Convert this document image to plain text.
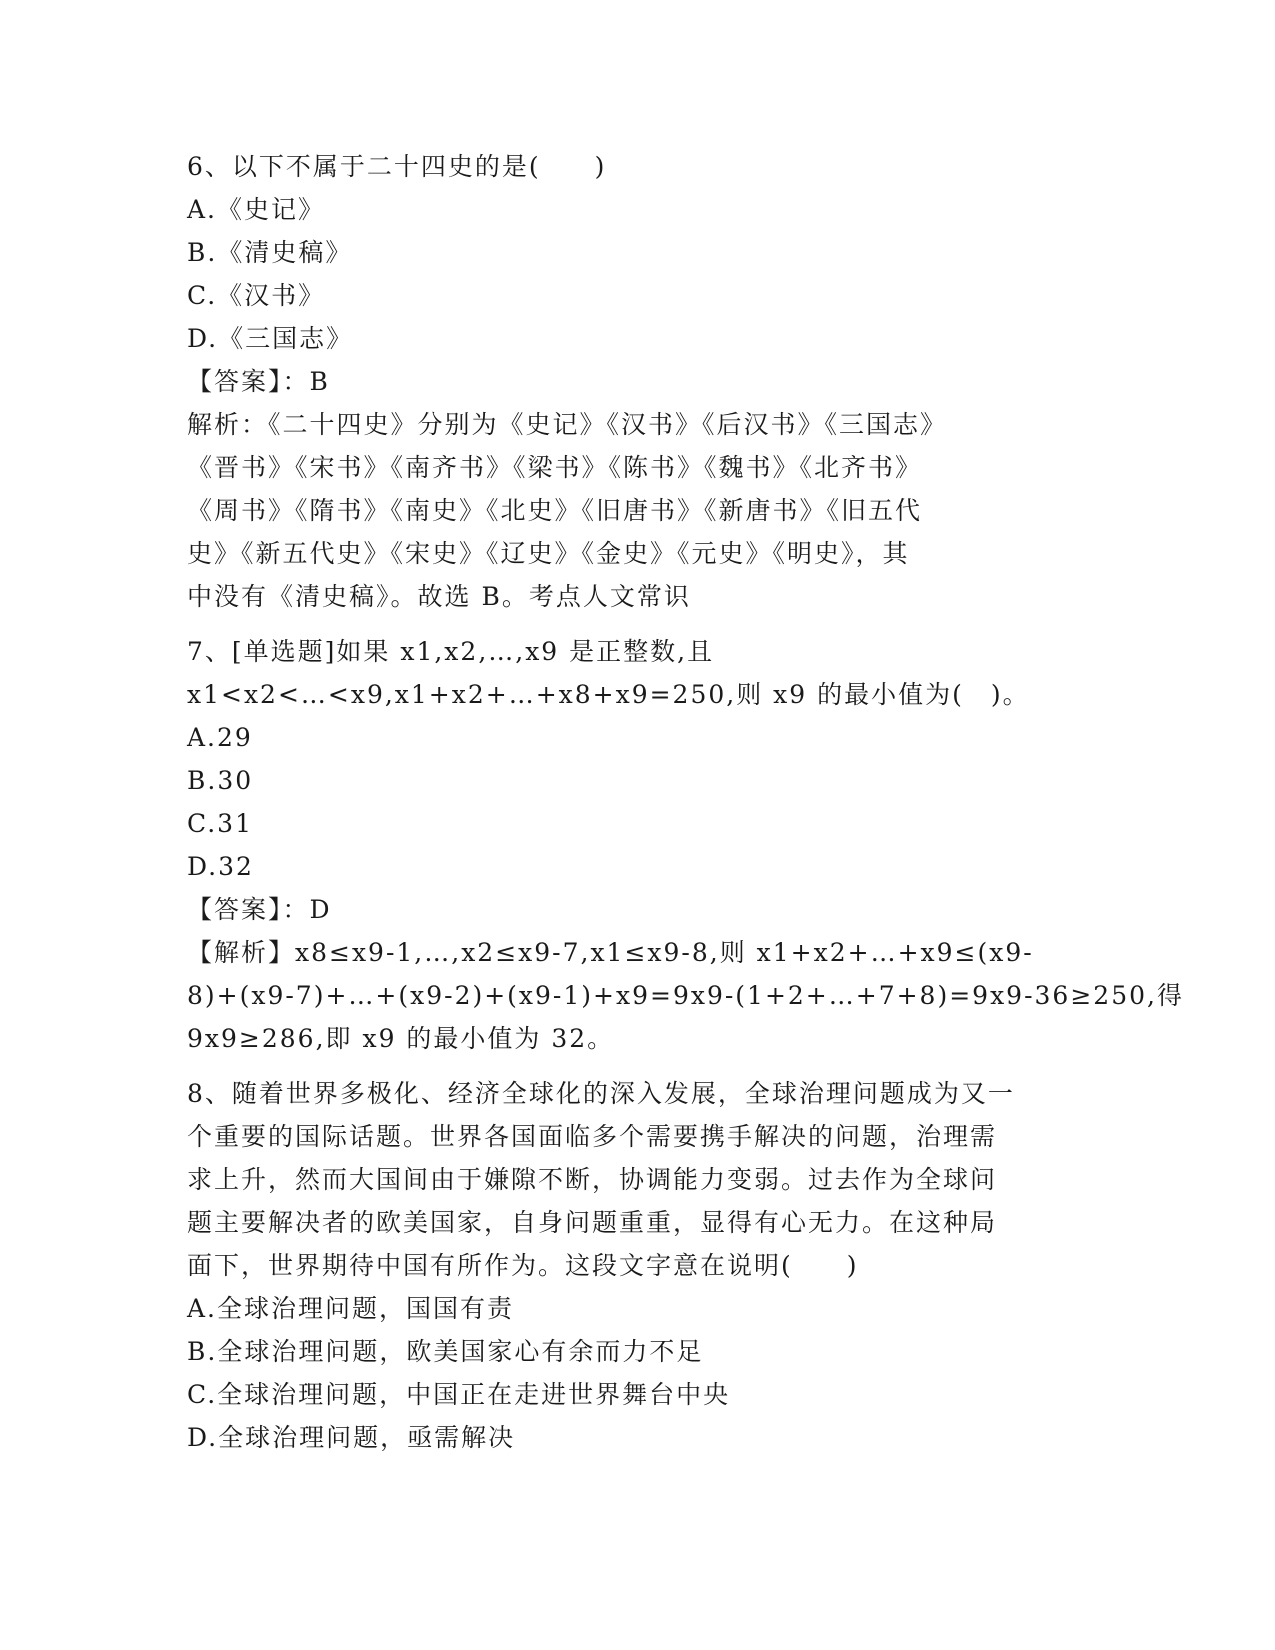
6、以下不属于二十四史的是(　　)
A.《史记》
B.《清史稿》
C.《汉书》
D.《三国志》
【答案】：B
解析：《二十四史》分别为《史记》《汉书》《后汉书》《三国志》
《晋书》《宋书》《南齐书》《梁书》《陈书》《魏书》《北齐书》
《周书》《隋书》《南史》《北史》《旧唐书》《新唐书》《旧五代
史》《新五代史》《宋史》《辽史》《金史》《元史》《明史》，其
中没有《清史稿》。故选 B。考点人文常识
7、[单选题]如果 x1,x2,…,x9 是正整数,且
x1<x2<…<x9,x1+x2+…+x8+x9=250,则 x9 的最小值为(　)。
A.29
B.30
C.31
D.32
【答案】：D
【解析】x8≤x9-1,…,x2≤x9-7,x1≤x9-8,则 x1+x2+…+x9≤(x9-
8)+(x9-7)+…+(x9-2)+(x9-1)+x9=9x9-(1+2+…+7+8)=9x9-36≥250,得
9x9≥286,即 x9 的最小值为 32。
8、随着世界多极化、经济全球化的深入发展，全球治理问题成为又一
个重要的国际话题。世界各国面临多个需要携手解决的问题，治理需
求上升，然而大国间由于嫌隙不断，协调能力变弱。过去作为全球问
题主要解决者的欧美国家，自身问题重重，显得有心无力。在这种局
面下，世界期待中国有所作为。这段文字意在说明(　　)
A.全球治理问题，国国有责
B.全球治理问题，欧美国家心有余而力不足
C.全球治理问题，中国正在走进世界舞台中央
D.全球治理问题，亟需解决
